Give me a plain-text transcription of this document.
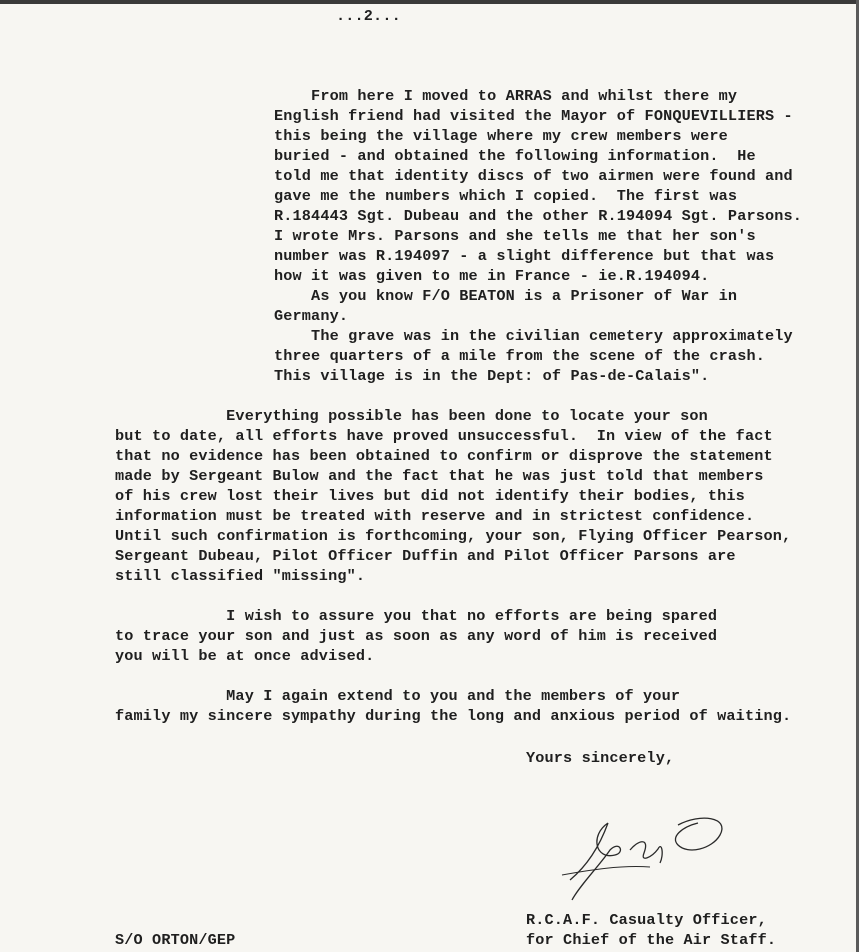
...2...
From here I moved to ARRAS and whilst there my
English friend had visited the Mayor of FONQUEVILLIERS -
this being the village where my crew members were
buried - and obtained the following information.  He
told me that identity discs of two airmen were found and
gave me the numbers which I copied.  The first was
R.184443 Sgt. Dubeau and the other R.194094 Sgt. Parsons.
I wrote Mrs. Parsons and she tells me that her son's
number was R.194097 - a slight difference but that was
how it was given to me in France - ie.R.194094.
As you know F/O BEATON is a Prisoner of War in
Germany.
The grave was in the civilian cemetery approximately
three quarters of a mile from the scene of the crash.
This village is in the Dept: of Pas-de-Calais".
Everything possible has been done to locate your son
but to date, all efforts have proved unsuccessful.  In view of the fact
that no evidence has been obtained to confirm or disprove the statement
made by Sergeant Bulow and the fact that he was just told that members
of his crew lost their lives but did not identify their bodies, this
information must be treated with reserve and in strictest confidence.
Until such confirmation is forthcoming, your son, Flying Officer Pearson,
Sergeant Dubeau, Pilot Officer Duffin and Pilot Officer Parsons are
still classified "missing".
I wish to assure you that no efforts are being spared
to trace your son and just as soon as any word of him is received
you will be at once advised.
May I again extend to you and the members of your
family my sincere sympathy during the long and anxious period of waiting.
Yours sincerely,
R.C.A.F. Casualty Officer,
for Chief of the Air Staff.
S/O ORTON/GEP
